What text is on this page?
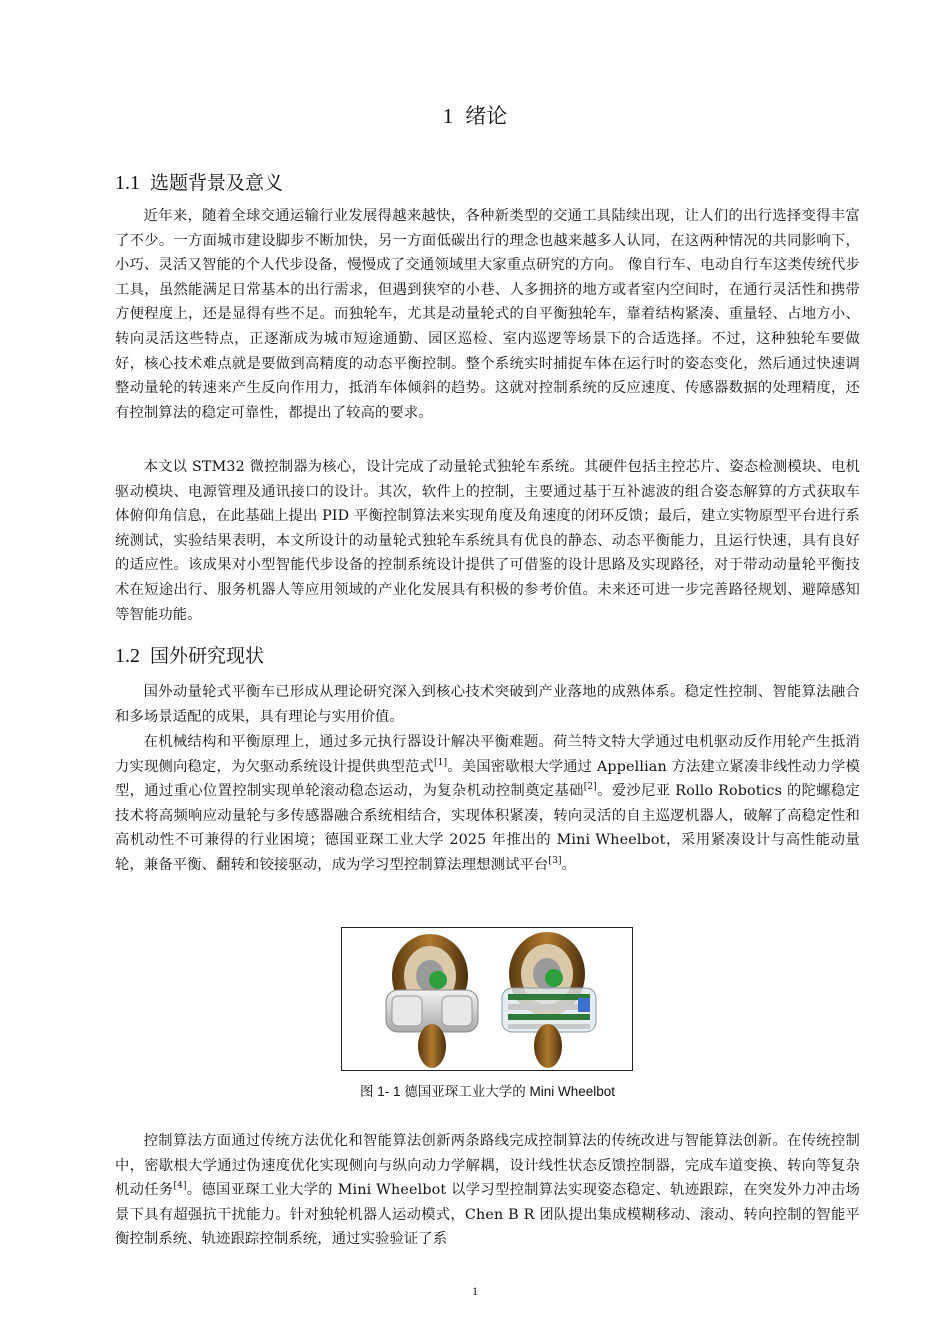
1 绪论
1.1 选题背景及意义

近年来，随着全球交通运输行业发展得越来越快，各种新类型的交通工具陆续出现，让人们的出行选择变得丰富了不少。一方面城市建设脚步不断加快，另一方面低碳出行的理念也越来越多人认同，在这两种情况的共同影响下，小巧、灵活又智能的个人代步设备，慢慢成了交通领域里大家重点研究的方向。 像自行车、电动自行车这类传统代步工具，虽然能满足日常基本的出行需求，但遇到狭窄的小巷、人多拥挤的地方或者室内空间时，在通行灵活性和携带方便程度上，还是显得有些不足。而独轮车，尤其是动量轮式的自平衡独轮车，靠着结构紧凑、重量轻、占地方小、转向灵活这些特点，正逐渐成为城市短途通勤、园区巡检、室内巡逻等场景下的合适选择。不过，这种独轮车要做好，核心技术难点就是要做到高精度的动态平衡控制。整个系统实时捕捉车体在运行时的姿态变化，然后通过快速调整动量轮的转速来产生反向作用力，抵消车体倾斜的趋势。这就对控制系统的反应速度、传感器数据的处理精度，还有控制算法的稳定可靠性，都提出了较高的要求。

本文以 STM32 微控制器为核心，设计完成了动量轮式独轮车系统。其硬件包括主控芯片、姿态检测模块、电机驱动模块、电源管理及通讯接口的设计。其次，软件上的控制，主要通过基于互补滤波的组合姿态解算的方式获取车体俯仰角信息，在此基础上提出 PID 平衡控制算法来实现角度及角速度的闭环反馈；最后，建立实物原型平台进行系统测试，实验结果表明，本文所设计的动量轮式独轮车系统具有优良的静态、动态平衡能力，且运行快速，具有良好的适应性。该成果对小型智能代步设备的控制系统设计提供了可借鉴的设计思路及实现路径，对于带动动量轮平衡技术在短途出行、服务机器人等应用领域的产业化发展具有积极的参考价值。未来还可进一步完善路径规划、避障感知等智能功能。

1.2 国外研究现状

国外动量轮式平衡车已形成从理论研究深入到核心技术突破到产业落地的成熟体系。稳定性控制、智能算法融合和多场景适配的成果，具有理论与实用价值。

在机械结构和平衡原理上，通过多元执行器设计解决平衡难题。荷兰特文特大学通过电机驱动反作用轮产生抵消力实现侧向稳定，为欠驱动系统设计提供典型范式[1]。美国密歇根大学通过 Appellian 方法建立紧凑非线性动力学模型，通过重心位置控制实现单轮滚动稳态运动，为复杂机动控制奠定基础[2]。爱沙尼亚 Rollo Robotics 的陀螺稳定技术将高频响应动量轮与多传感器融合系统相结合，实现体积紧凑，转向灵活的自主巡逻机器人，破解了高稳定性和高机动性不可兼得的行业困境；德国亚琛工业大学 2025 年推出的 Mini Wheelbot，采用紧凑设计与高性能动量轮，兼备平衡、翻转和铰接驱动，成为学习型控制算法理想测试平台[3]。

图 1- 1 德国亚琛工业大学的 Mini Wheelbot

控制算法方面通过传统方法优化和智能算法创新两条路线完成控制算法的传统改进与智能算法创新。在传统控制中，密歇根大学通过伪速度优化实现侧向与纵向动力学解耦，设计线性状态反馈控制器，完成车道变换、转向等复杂机动任务[4]。德国亚琛工业大学的 Mini Wheelbot 以学习型控制算法实现姿态稳定、轨迹跟踪，在突发外力冲击场景下具有超强抗干扰能力。针对独轮机器人运动模式，Chen B R 团队提出集成模糊移动、滚动、转向控制的智能平衡控制系统、轨迹跟踪控制系统，通过实验验证了系

1
